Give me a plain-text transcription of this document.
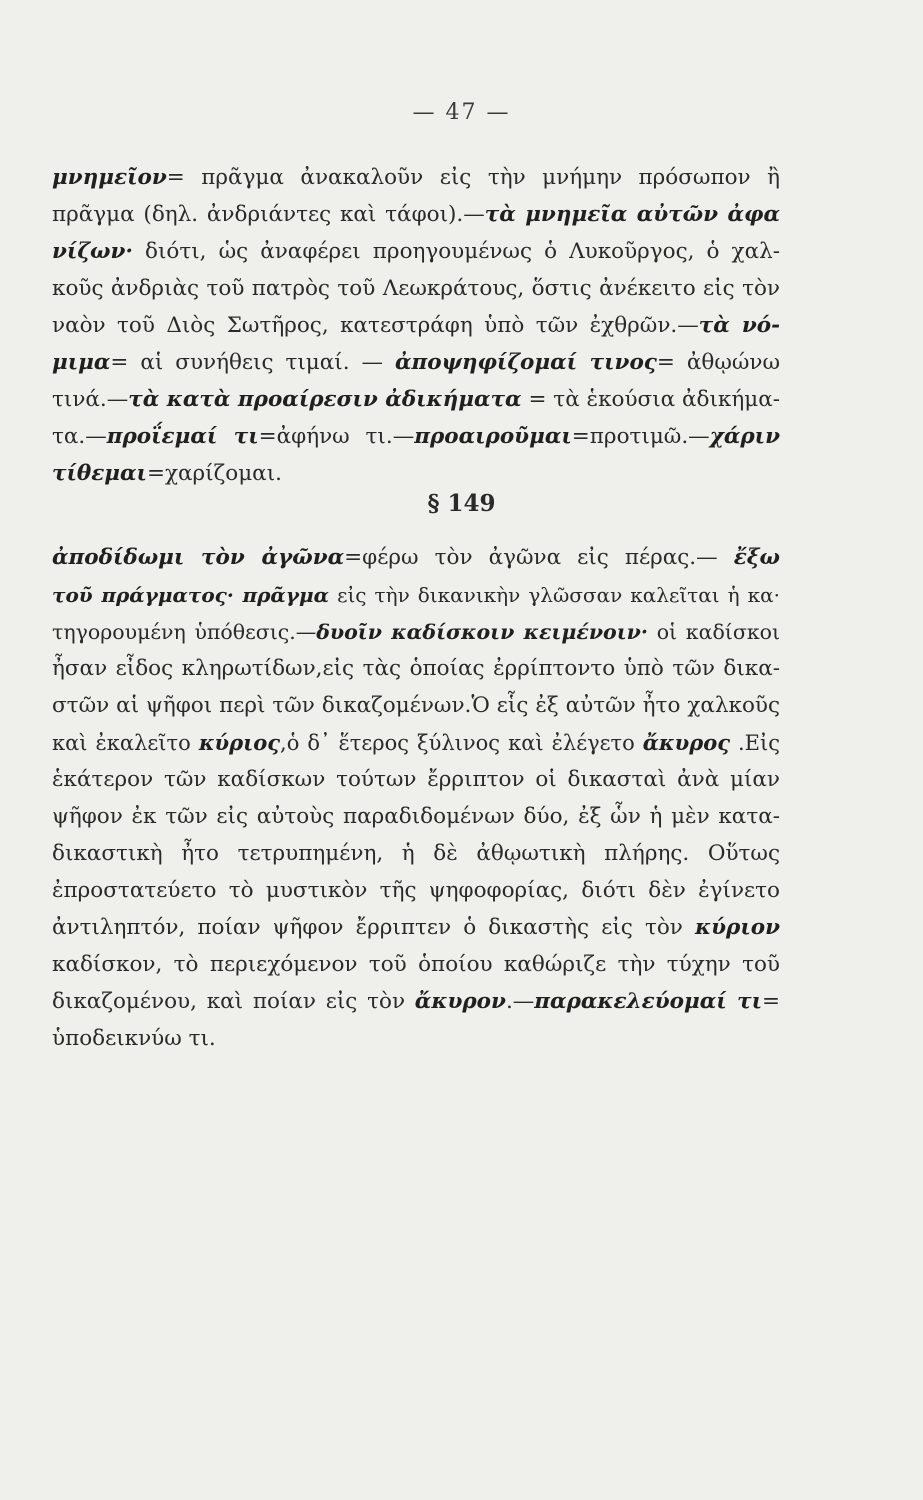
— 47 —
μνημεῖον= πρᾶγμα ἀνακαλοῦν εἰς τὴν μνήμην πρόσωπον ἢ
πρᾶγμα (δηλ. ἀνδριάντες καὶ τάφοι).—τὰ μνημεῖα αὐτῶν ἀφα
νίζων· διότι, ὡς ἀναφέρει προηγουμένως ὁ Λυκοῦργος, ὁ χαλ-
κοῦς ἀνδριὰς τοῦ πατρὸς τοῦ Λεωκράτους, ὅστις ἀνέκειτο εἰς τὸν
ναὸν τοῦ Διὸς Σωτῆρος, κατεστράφη ὑπὸ τῶν ἐχθρῶν.—τὰ νό-
μιμα= αἱ συνήθεις τιμαί. — ἀποψηφίζομαί τινος= ἀθῳώνω
τινά.—τὰ κατὰ προαίρεσιν ἀδικήματα = τὰ ἑκούσια ἀδικήμα-
τα.—προΐεμαί τι=ἀφήνω τι.—προαιροῦμαι=προτιμῶ.—χάριν
τίθεμαι=χαρίζομαι.
§ 149
ἀποδίδωμι τὸν ἀγῶνα=φέρω τὸν ἀγῶνα εἰς πέρας.— ἔξω
τοῦ πράγματος· πρᾶγμα εἰς τὴν δικανικὴν γλῶσσαν καλεῖται ἡ κα·
τηγορουμένη ὑπόθεσις.—δυοῖν καδίσκοιν κειμένοιν· οἱ καδίσκοι
ἦσαν εἶδος κληρωτίδων,εἰς τὰς ὁποίας ἐρρίπτοντο ὑπὸ τῶν δικα-
στῶν αἱ ψῆφοι περὶ τῶν δικαζομένων.Ὁ εἷς ἐξ αὐτῶν ἦτο χαλκοῦς
καὶ ἐκαλεῖτο κύριος,ὁ δ᾽ ἕτερος ξύλινος καὶ ἐλέγετο ἄκυρος .Εἰς
ἑκάτερον τῶν καδίσκων τούτων ἔρριπτον οἱ δικασταὶ ἀνὰ μίαν
ψῆφον ἐκ τῶν εἰς αὐτοὺς παραδιδομένων δύο, ἐξ ὧν ἡ μὲν κατα-
δικαστικὴ ἦτο τετρυπημένη, ἡ δὲ ἀθῳωτικὴ πλήρης. Οὕτως
ἐπροστατεύετο τὸ μυστικὸν τῆς ψηφοφορίας, διότι δὲν ἐγίνετο
ἀντιληπτόν, ποίαν ψῆφον ἔρριπτεν ὁ δικαστὴς εἰς τὸν κύριον
καδίσκον, τὸ περιεχόμενον τοῦ ὁποίου καθώριζε τὴν τύχην τοῦ
δικαζομένου, καὶ ποίαν εἰς τὸν ἄκυρον.—παρακελεύομαί τι=
ὑποδεικνύω τι.
